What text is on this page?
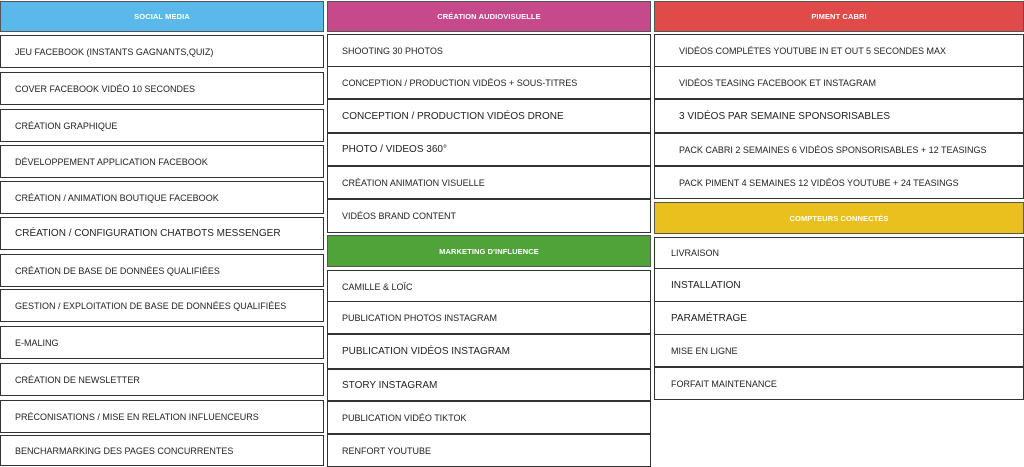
SOCIAL MEDIA
JEU FACEBOOK (INSTANTS GAGNANTS,QUIZ)
COVER FACEBOOK VIDÉO 10 SECONDES
CRÉATION GRAPHIQUE
DÉVELOPPEMENT APPLICATION FACEBOOK
CRÉATION / ANIMATION BOUTIQUE FACEBOOK
CRÉATION / CONFIGURATION CHATBOTS MESSENGER
CRÉATION DE BASE DE DONNÉES QUALIFIÉES
GESTION / EXPLOITATION DE BASE DE DONNÉES QUALIFIÉES
E-MALING
CRÉATION DE NEWSLETTER
PRÉCONISATIONS / MISE EN RELATION INFLUENCEURS
BENCHARMARKING DES PAGES CONCURRENTES
CRÉATION AUDIOVISUELLE
SHOOTING 30 PHOTOS
CONCEPTION / PRODUCTION VIDÉOS + SOUS-TITRES
CONCEPTION / PRODUCTION VIDÉOS DRONE
PHOTO / VIDEOS 360°
CRÉATION ANIMATION VISUELLE
VIDÉOS BRAND CONTENT
MARKETING D'INFLUENCE
CAMILLE & LOÏC
PUBLICATION PHOTOS INSTAGRAM
PUBLICATION VIDÉOS INSTAGRAM
STORY INSTAGRAM
PUBLICATION VIDÉO TIKTOK
RENFORT YOUTUBE
PIMENT CABRI
VIDÉOS COMPLÉTES YOUTUBE IN ET OUT 5 SECONDES MAX
VIDÉOS TEASING FACEBOOK ET INSTAGRAM
3 VIDÉOS PAR SEMAINE SPONSORISABLES
PACK CABRI 2 SEMAINES 6 VIDÉOS SPONSORISABLES + 12 TEASINGS
PACK PIMENT 4 SEMAINES 12 VIDÉOS YOUTUBE + 24 TEASINGS
COMPTEURS CONNECTÉS
LIVRAISON
INSTALLATION
PARAMÉTRAGE
MISE EN LIGNE
FORFAIT MAINTENANCE
